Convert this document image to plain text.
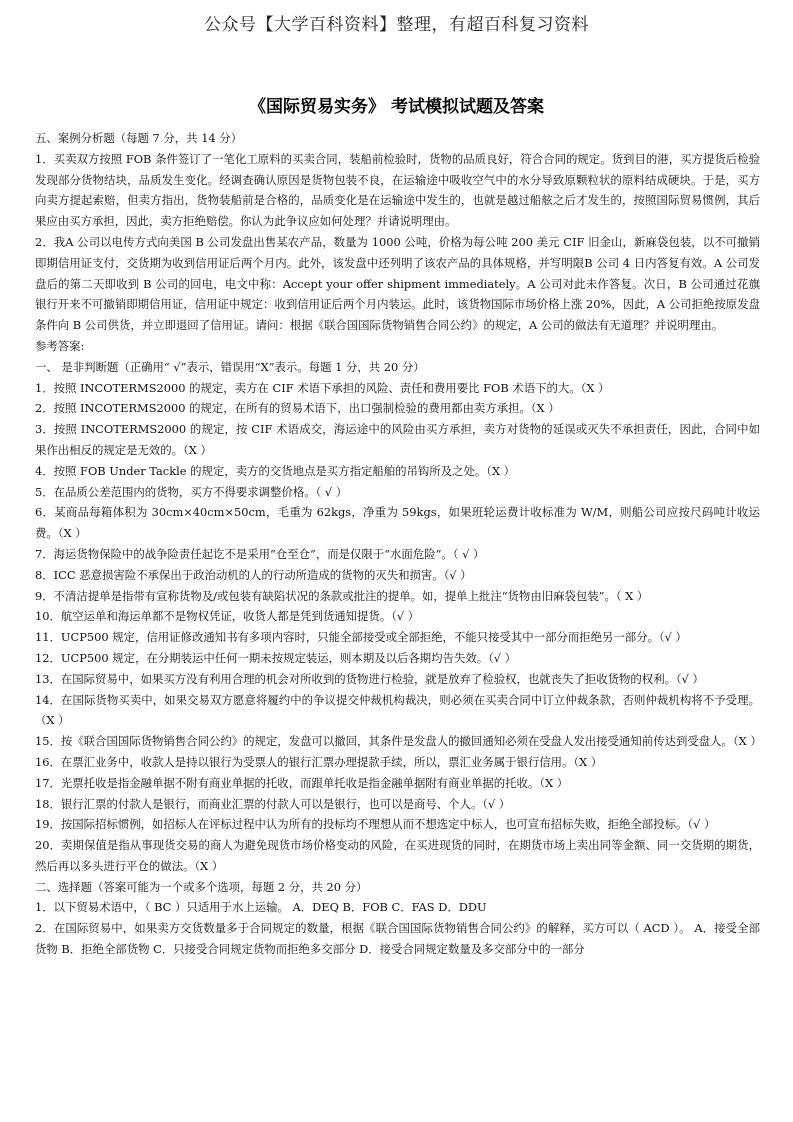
公众号【大学百科资料】整理，有超百科复习资料
《国际贸易实务》 考试模拟试题及答案

五、案例分析题（每题 7 分，共 14 分）

1．买卖双方按照 FOB 条件签订了一笔化工原料的买卖合同，装船前检验时，货物的品质良好，符合合同的规定。货到目的港，买方提货后检验发现部分货物结块，品质发生变化。经调查确认原因是货物包装不良，在运输途中吸收空气中的水分导致原颗粒状的原料结成硬块。于是，买方向卖方提起索赔，但卖方指出，货物装船前是合格的，品质变化是在运输途中发生的，也就是越过船舷之后才发生的，按照国际贸易惯例，其后果应由买方承担，因此，卖方拒绝赔偿。你认为此争议应如何处理？并请说明理由。

2．我A 公司以电传方式向美国 B 公司发盘出售某农产品，数量为 1000 公吨，价格为每公吨 200 美元 CIF 旧金山，新麻袋包装，以不可撤销即期信用证支付，交货期为收到信用证后两个月内。此外，该发盘中还列明了该农产品的具体规格，并写明限B 公司 4 日内答复有效。A 公司发盘后的第二天即收到 B 公司的回电，电文中称：Accept your offer shipment immediately。A 公司对此未作答复。次日，B 公司通过花旗银行开来不可撤销即期信用证，信用证中规定：收到信用证后两个月内装运。此时，该货物国际市场价格上涨 20%，因此，A 公司拒绝按原发盘条件向 B 公司供货，并立即退回了信用证。请问：根据《联合国国际货物销售合同公约》的规定，A 公司的做法有无道理？并说明理由。

参考答案:

一、 是非判断题（正确用“ √”表示，错误用“X”表示。每题 1 分，共 20 分）

1．按照 INCOTERMS2000 的规定，卖方在 CIF 术语下承担的风险、责任和费用要比 FOB 术语下的大。（X ）

2．按照 INCOTERMS2000 的规定，在所有的贸易术语下，出口强制检验的费用都由卖方承担。（X ）

3．按照 INCOTERMS2000 的规定，按 CIF 术语成交，海运途中的风险由买方承担，卖方对货物的延误或灭失不承担责任，因此，合同中如果作出相反的规定是无效的。（X ）

4．按照 FOB Under Tackle 的规定，卖方的交货地点是买方指定船舶的吊钩所及之处。（X ）

5．在品质公差范围内的货物，买方不得要求调整价格。（ √ ）

6．某商品每箱体积为 30cm×40cm×50cm，毛重为 62kgs，净重为 59kgs，如果班轮运费计收标准为 W/M，则船公司应按尺码吨计收运费。（X ）

7．海运货物保险中的战争险责任起讫不是采用“仓至仓”，而是仅限于“水面危险”。（ √ ）

8．ICC 恶意损害险不承保出于政治动机的人的行动所造成的货物的灭失和损害。（√ ）

9．不清洁提单是指带有宣称货物及/或包装有缺陷状况的条款或批注的提单。如，提单上批注“货物由旧麻袋包装”。（ X ）

10．航空运单和海运单都不是物权凭证，收货人都是凭到货通知提货。（√ ）

11．UCP500 规定，信用证修改通知书有多项内容时，只能全部接受或全部拒绝，不能只接受其中一部分而拒绝另一部分。（√ ）

12．UCP500 规定，在分期装运中任何一期未按规定装运，则本期及以后各期均告失效。（√ ）

13．在国际贸易中，如果买方没有利用合理的机会对所收到的货物进行检验，就是放弃了检验权，也就丧失了拒收货物的权利。（√ ）

14．在国际货物买卖中，如果交易双方愿意将履约中的争议提交仲裁机构裁决，则必须在买卖合同中订立仲裁条款，否则仲裁机构将不予受理。（X ）

15．按《联合国国际货物销售合同公约》的规定，发盘可以撤回，其条件是发盘人的撤回通知必须在受盘人发出接受通知前传达到受盘人。（X ）

16．在票汇业务中，收款人是持以银行为受票人的银行汇票办理提款手续，所以，票汇业务属于银行信用。（X ）

17．光票托收是指金融单据不附有商业单据的托收，而跟单托收是指金融单据附有商业单据的托收。（X ）

18．银行汇票的付款人是银行，而商业汇票的付款人可以是银行，也可以是商号、个人。（√ ）

19．按国际招标惯例，如招标人在评标过程中认为所有的投标均不理想从而不想选定中标人，也可宣布招标失败，拒绝全部投标。（√ ）

20．卖期保值是指从事现货交易的商人为避免现货市场价格变动的风险，在买进现货的同时，在期货市场上卖出同等金额、同一交货期的期货，然后再以多头进行平仓的做法。（X ）

二、选择题（答案可能为一个或多个选项，每题 2 分，共 20 分）

1．以下贸易术语中，（ BC ）只适用于水上运输。 A．DEQ B．FOB C．FAS D．DDU

2．在国际贸易中，如果卖方交货数量多于合同规定的数量，根据《联合国国际货物销售合同公约》的解释，买方可以（ ACD ）。 A．接受全部货物 B．拒绝全部货物 C．只接受合同规定货物而拒绝多交部分 D．接受合同规定数量及多交部分中的一部分
